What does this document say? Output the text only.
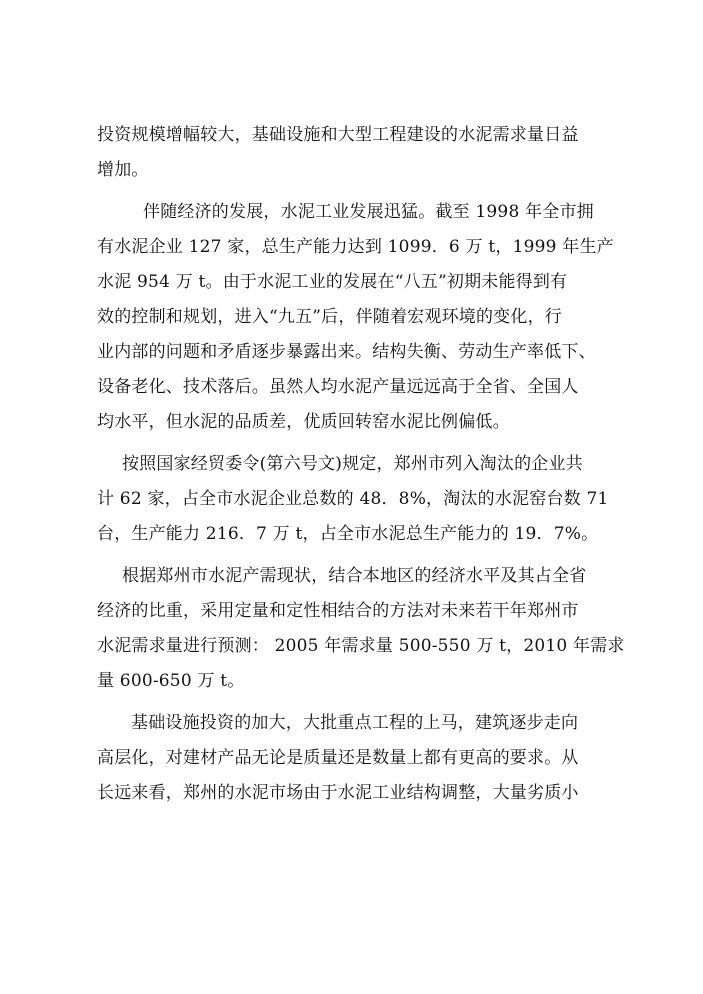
投资规模增幅较大，基础设施和大型工程建设的水泥需求量日益
增加。
伴随经济的发展，水泥工业发展迅猛。截至 1998 年全市拥
有水泥企业 127 家，总生产能力达到 1099．6 万 t，1999 年生产
水泥 954 万 t。由于水泥工业的发展在“八五”初期未能得到有
效的控制和规划，进入“九五”后，伴随着宏观环境的变化，行
业内部的问题和矛盾逐步暴露出来。结构失衡、劳动生产率低下、
设备老化、技术落后。虽然人均水泥产量远远高于全省、全国人
均水平，但水泥的品质差，优质回转窑水泥比例偏低。
按照国家经贸委令(第六号文)规定，郑州市列入淘汰的企业共
计 62 家，占全市水泥企业总数的 48．8%，淘汰的水泥窑台数 71
台，生产能力 216．7 万 t，占全市水泥总生产能力的 19．7%。
根据郑州市水泥产需现状，结合本地区的经济水平及其占全省
经济的比重，采用定量和定性相结合的方法对未来若干年郑州市
水泥需求量进行预测： 2005 年需求量 500-550 万 t，2010 年需求
量 600-650 万 t。
基础设施投资的加大，大批重点工程的上马，建筑逐步走向
高层化，对建材产品无论是质量还是数量上都有更高的要求。从
长远来看，郑州的水泥市场由于水泥工业结构调整，大量劣质小
